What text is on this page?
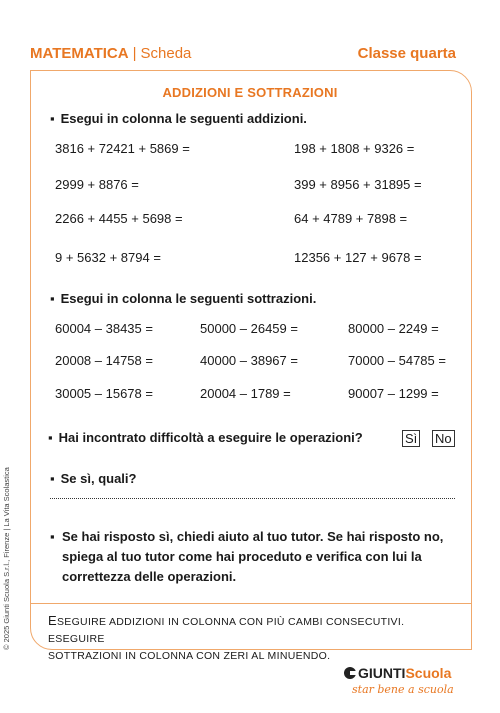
MATEMATICA | Scheda	Classe quarta
ADDIZIONI E SOTTRAZIONI
▪ Esegui in colonna le seguenti addizioni.
3816 + 72421 + 5869 =	198 + 1808 + 9326 =
2999 + 8876 =	399 + 8956 + 31895 =
2266 + 4455 + 5698 =	64 + 4789 + 7898 =
9 + 5632 + 8794 =	12356 + 127 + 9678 =
▪ Esegui in colonna le seguenti sottrazioni.
60004 – 38435 =	50000 – 26459 =	80000 – 2249 =
20008 – 14758 =	40000 – 38967 =	70000 – 54785 =
30005 – 15678 =	20004 – 1789 =	90007 – 1299 =
▪ Hai incontrato difficoltà a eseguire le operazioni?	Sì No
▪ Se sì, quali?
▪ Se hai risposto sì, chiedi aiuto al tuo tutor. Se hai risposto no, spiega al tuo tutor come hai proceduto e verifica con lui la correttezza delle operazioni.
ESEGUIRE ADDIZIONI IN COLONNA CON PIÙ CAMBI CONSECUTIVI. ESEGUIRE
SOTTRAZIONI IN COLONNA CON ZERI AL MINUENDO.
© 2025 Giunti Scuola S.r.l., Firenze | La Vita Scolastica
GIUNTIScuola
star bene a scuola
